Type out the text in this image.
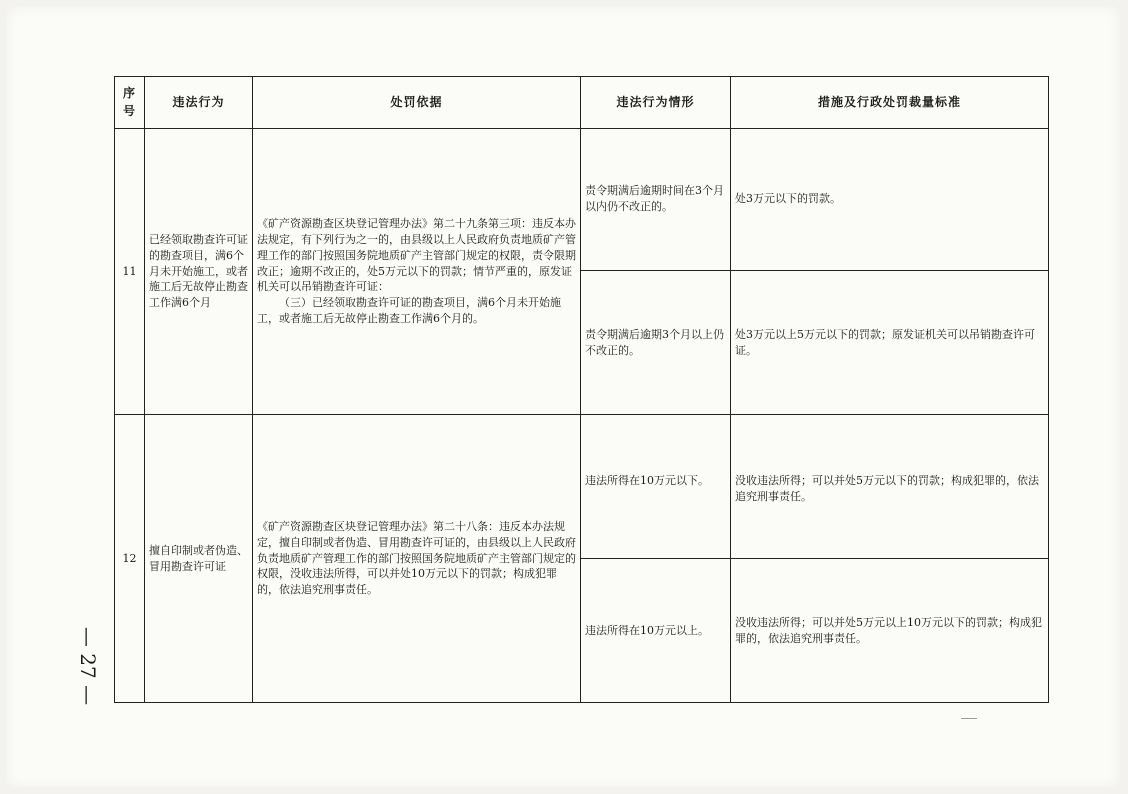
序号	违法行为	处罚依据	违法行为情形	措施及行政处罚裁量标准
11	已经领取勘查许可证的勘查项目，满6个月未开始施工，或者施工后无故停止勘查工作满6个月	《矿产资源勘查区块登记管理办法》第二十九条第三项：违反本办法规定，有下列行为之一的，由县级以上人民政府负责地质矿产管理工作的部门按照国务院地质矿产主管部门规定的权限，责令限期改正；逾期不改正的，处5万元以下的罚款；情节严重的，原发证机关可以吊销勘查许可证：
（三）已经领取勘查许可证的勘查项目，满6个月未开始施工，或者施工后无故停止勘查工作满6个月的。	责令期满后逾期时间在3个月以内仍不改正的。	处3万元以下的罚款。
			责令期满后逾期3个月以上仍不改正的。	处3万元以上5万元以下的罚款；原发证机关可以吊销勘查许可证。
12	擅自印制或者伪造、冒用勘查许可证	《矿产资源勘查区块登记管理办法》第二十八条：违反本办法规定，擅自印制或者伪造、冒用勘查许可证的，由县级以上人民政府负责地质矿产管理工作的部门按照国务院地质矿产主管部门规定的权限，没收违法所得，可以并处10万元以下的罚款；构成犯罪的，依法追究刑事责任。	违法所得在10万元以下。	没收违法所得；可以并处5万元以下的罚款；构成犯罪的，依法追究刑事责任。
			违法所得在10万元以上。	没收违法所得；可以并处5万元以上10万元以下的罚款；构成犯罪的，依法追究刑事责任。
— 27 —
